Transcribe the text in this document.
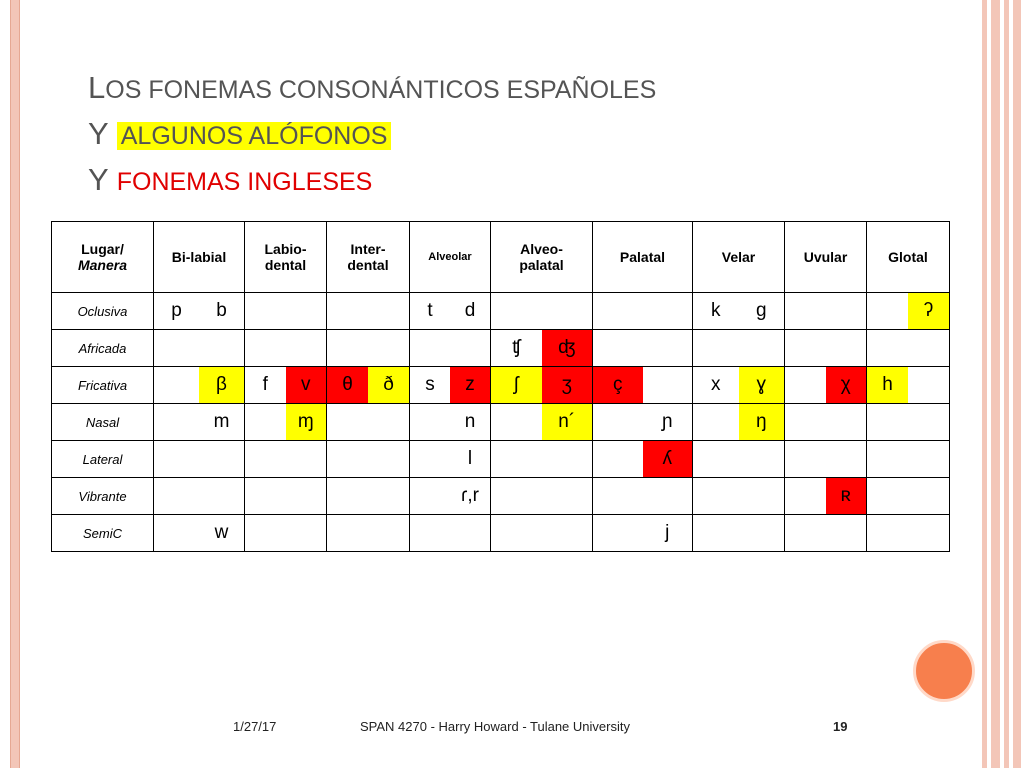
LOS FONEMAS CONSONÁNTICOS ESPAÑOLES
Y ALGUNOS ALÓFONOS
Y FONEMAS INGLESES
Lugar/
Manera	Bi-labial	Labio-dental	Inter-dental	Alveolar	Alveo-palatal	Palatal	Velar	Uvular	Glotal
Oclusiva	p b			t d			k g		ʔ

Africada					ʧ ʤ				

Fricativa	β	f v	θ ð	s z	ʃ ʒ	ç	x ɣ	χ	h

Nasal	m	ɱ		n	n´	ɲ	ŋ		

Lateral				l		ʎ			

Vibrante				ɾ,r				ʀ	

SemiC	w					j			

1/27/17	SPAN 4270 - Harry Howard - Tulane University	19
